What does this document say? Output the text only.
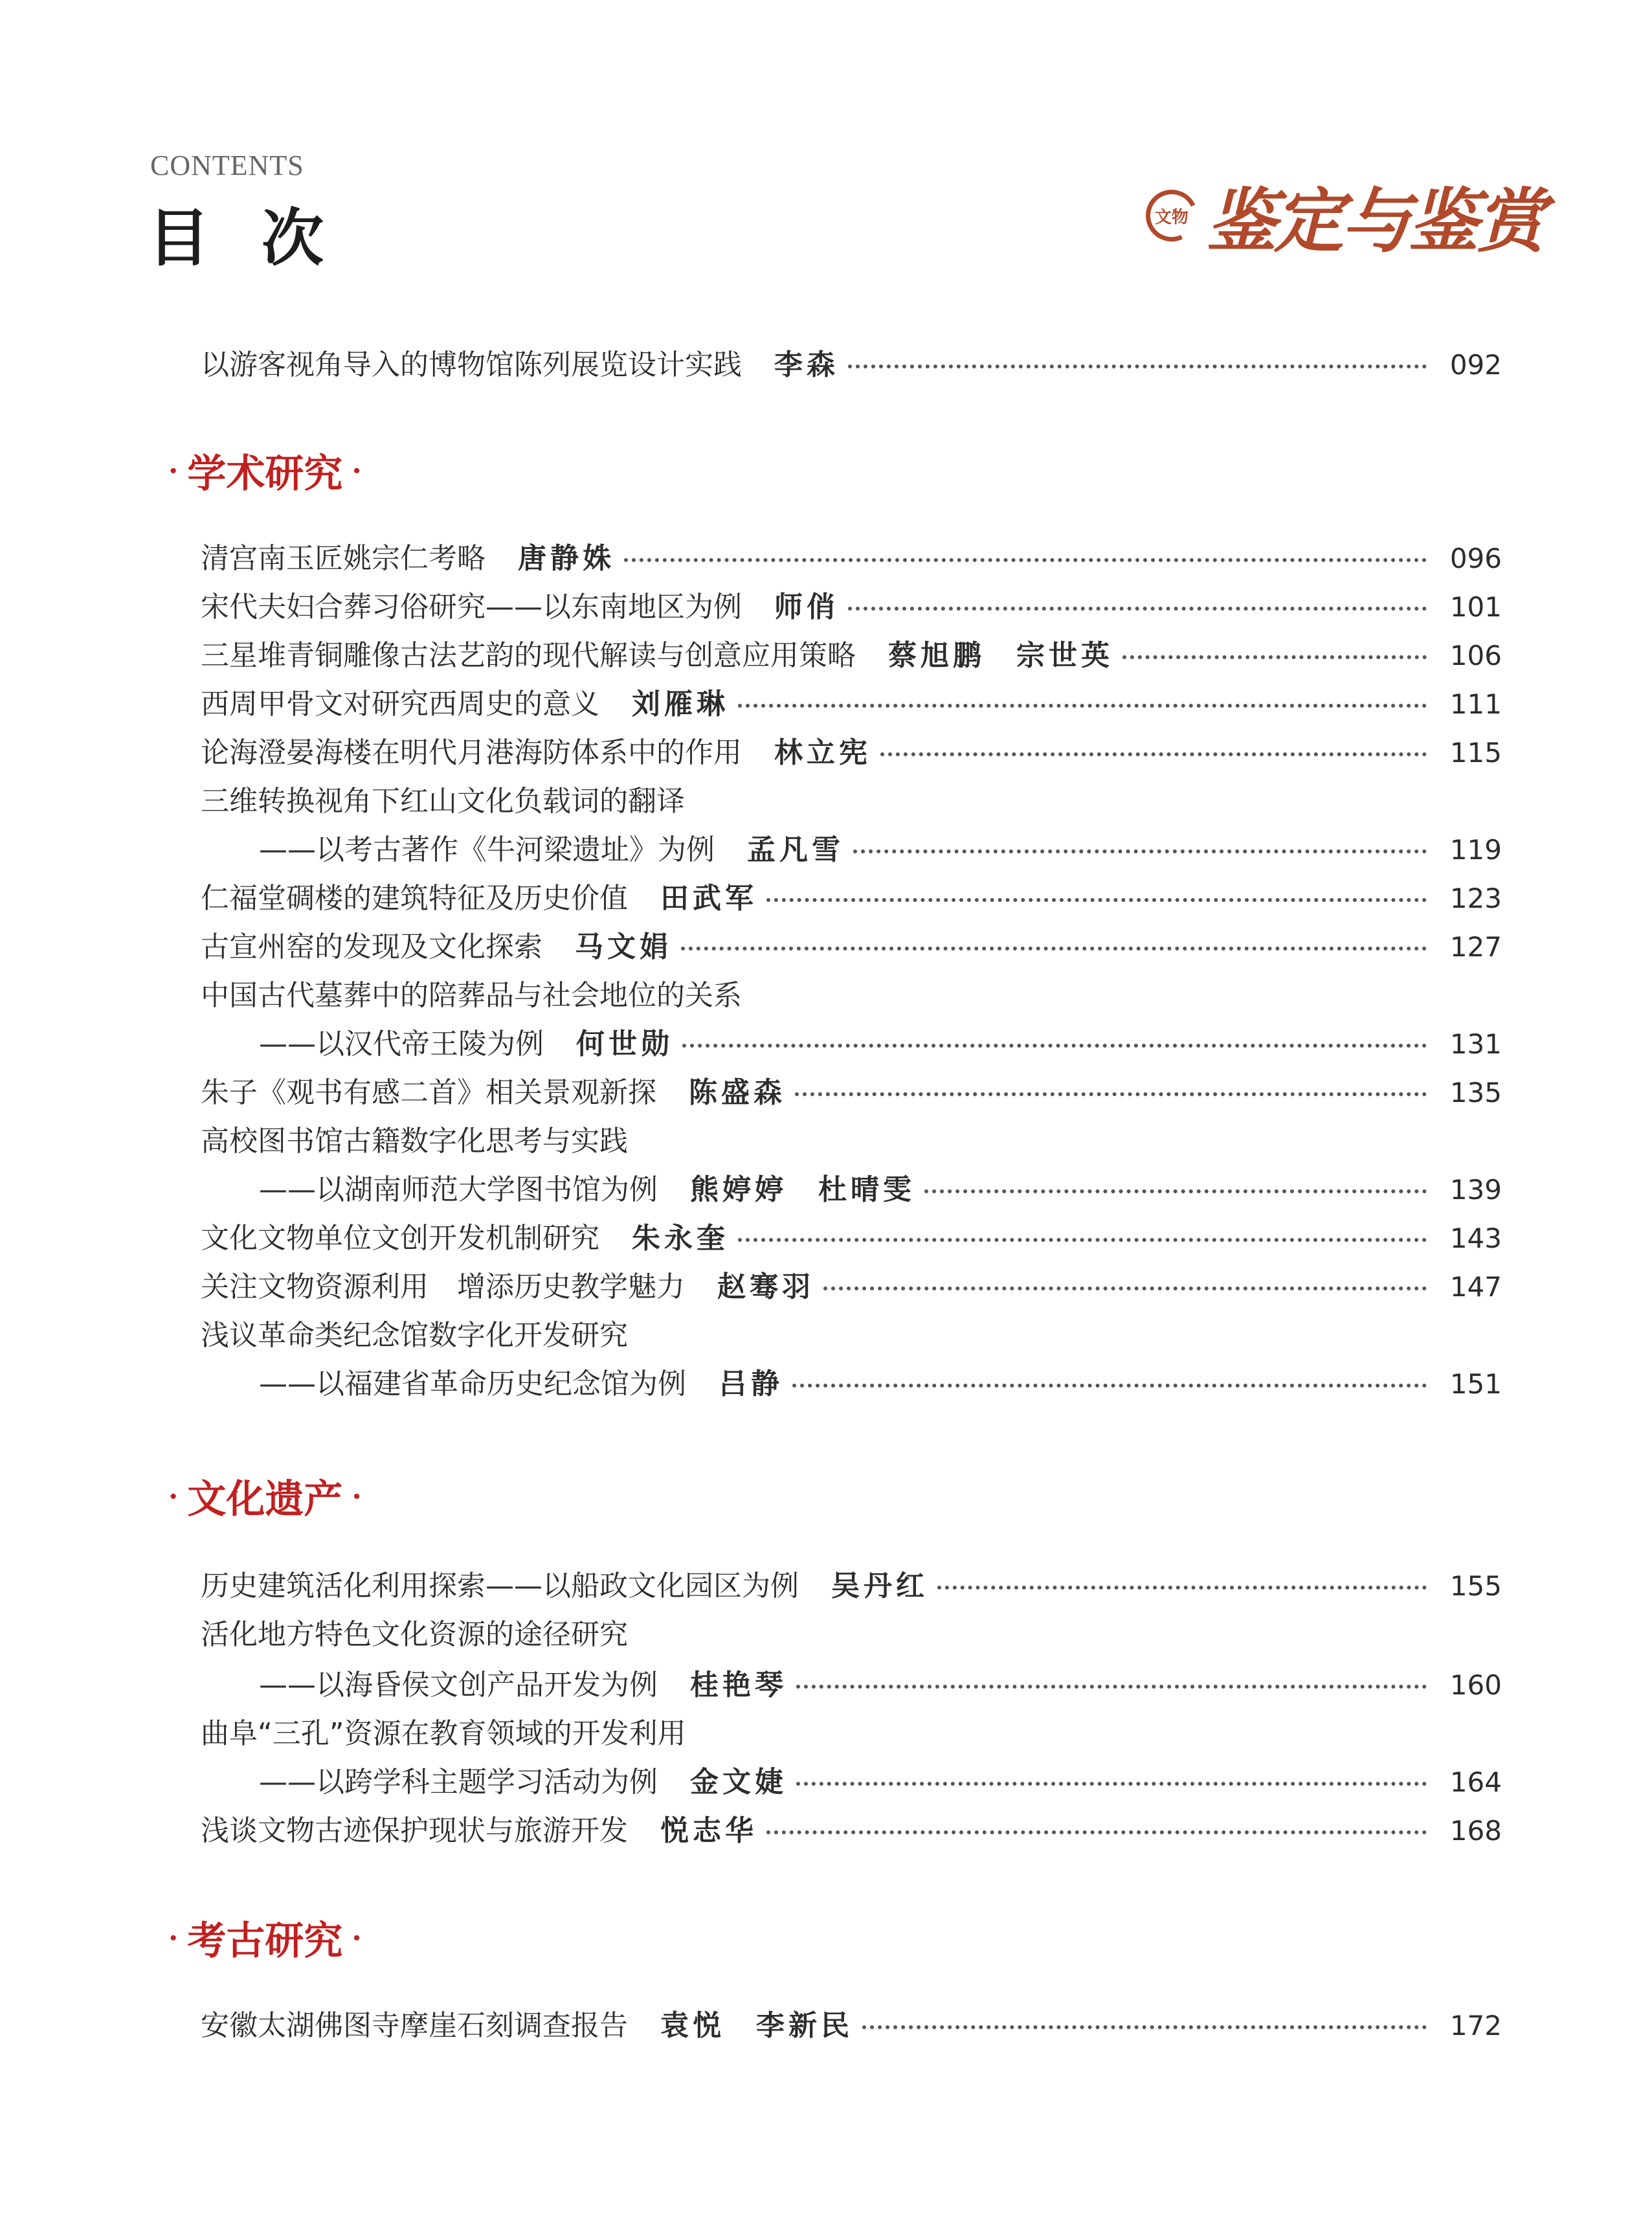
CONTENTS
目次	文物 鉴定与鉴赏
以游客视角导入的博物馆陈列展览设计实践 李森	092
· 学术研究 ·
清宫南玉匠姚宗仁考略 唐静姝	096
宋代夫妇合葬习俗研究——以东南地区为例 师俏	101
三星堆青铜雕像古法艺韵的现代解读与创意应用策略 蔡旭鹏 宗世英	106
西周甲骨文对研究西周史的意义 刘雁琳	111
论海澄晏海楼在明代月港海防体系中的作用 林立宪	115
三维转换视角下红山文化负载词的翻译
——以考古著作《牛河梁遗址》为例 孟凡雪	119
仁福堂碉楼的建筑特征及历史价值 田武军	123
古宣州窑的发现及文化探索 马文娟	127
中国古代墓葬中的陪葬品与社会地位的关系
——以汉代帝王陵为例 何世勋	131
朱子《观书有感二首》相关景观新探 陈盛森	135
高校图书馆古籍数字化思考与实践
——以湖南师范大学图书馆为例 熊婷婷 杜晴雯	139
文化文物单位文创开发机制研究 朱永奎	143
关注文物资源利用　增添历史教学魅力 赵骞羽	147
浅议革命类纪念馆数字化开发研究
——以福建省革命历史纪念馆为例 吕静	151
· 文化遗产 ·
历史建筑活化利用探索——以船政文化园区为例 吴丹红	155
活化地方特色文化资源的途径研究
——以海昏侯文创产品开发为例 桂艳琴	160
曲阜“三孔”资源在教育领域的开发利用
——以跨学科主题学习活动为例 金文婕	164
浅谈文物古迹保护现状与旅游开发 悦志华	168
· 考古研究 ·
安徽太湖佛图寺摩崖石刻调查报告 袁悦 李新民	172
